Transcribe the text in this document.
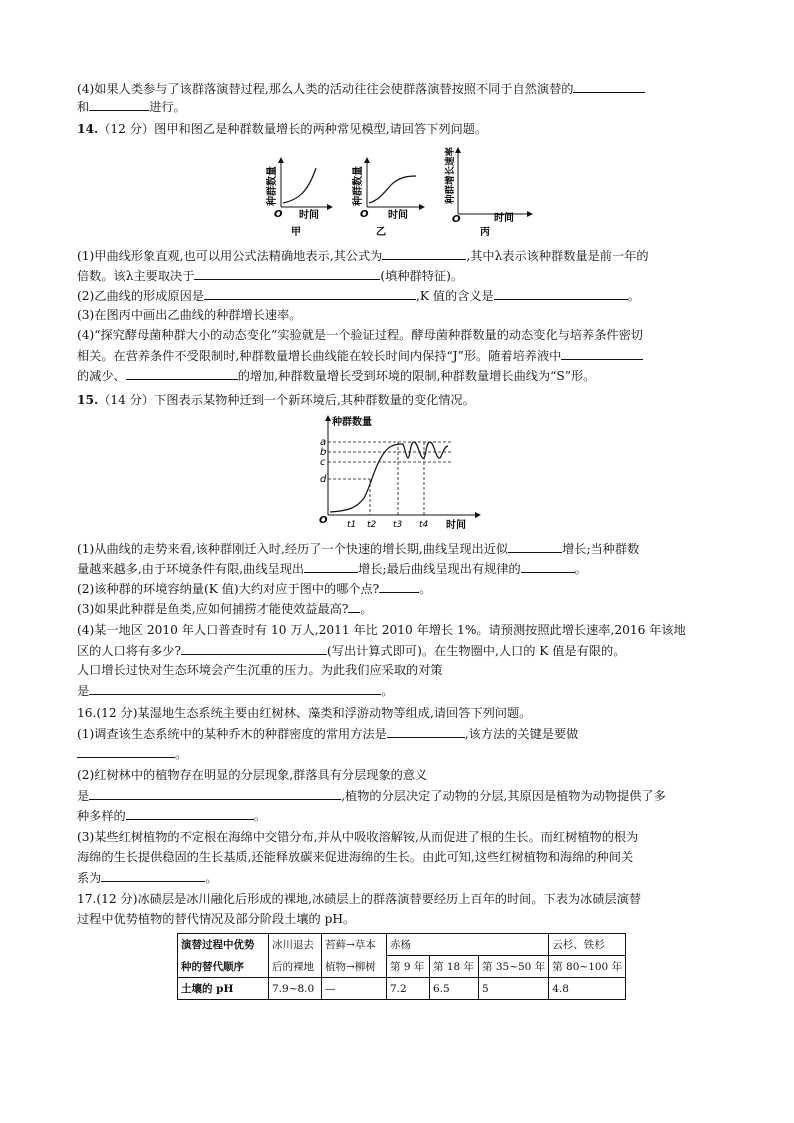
(4)如果人类参与了该群落演替过程,那么人类的活动往往会使群落演替按照不同于自然演替的
和	进行。
14.（12 分）图甲和图乙是种群数量增长的两种常见模型,请回答下列问题。
种群数量
O 时间
甲
种群数量
O 时间
乙
种群增长速率
O	时间
丙
(1)甲曲线形象直观,也可以用公式法精确地表示,其公式为	,其中λ表示该种群数量是前一年的
倍数。该λ主要取决于	(填种群特征)。
(2)乙曲线的形成原因是	,K 值的含义是	。
(3)在图丙中画出乙曲线的种群增长速率。
(4)“探究酵母菌种群大小的动态变化”实验就是一个验证过程。酵母菌种群数量的动态变化与培养条件密切
相关。在营养条件不受限制时,种群数量增长曲线能在较长时间内保持“J”形。随着培养液中
的减少、	的增加,种群数量增长受到环境的限制,种群数量增长曲线为“S”形。
15.（14 分）下图表示某物种迁到一个新环境后,其种群数量的变化情况。
种群数量
O	时间
a
b
c
d
t1 t2 t3 t4
(1)从曲线的走势来看,该种群刚迁入时,经历了一个快速的增长期,曲线呈现出近似	增长;当种群数
量越来越多,由于环境条件有限,曲线呈现出	增长;最后曲线呈现出有规律的	。
(2)该种群的环境容纳量(K 值)大约对应于图中的哪个点?	。
(3)如果此种群是鱼类,应如何捕捞才能使效益最高? 。
(4)某一地区 2010 年人口普查时有 10 万人,2011 年比 2010 年增长 1%。请预测按照此增长速率,2016 年该地
区的人口将有多少?	(写出计算式即可)。在生物圈中,人口的 K 值是有限的。
人口增长过快对生态环境会产生沉重的压力。为此我们应采取的对策
是	。
16.(12 分)某湿地生态系统主要由红树林、藻类和浮游动物等组成,请回答下列问题。
(1)调查该生态系统中的某种乔木的种群密度的常用方法是	,该方法的关键是要做
。
(2)红树林中的植物存在明显的分层现象,群落具有分层现象的意义
是	,植物的分层决定了动物的分层,其原因是植物为动物提供了多
种多样的	。
(3)某些红树植物的不定根在海绵中交错分布,并从中吸收溶解铵,从而促进了根的生长。而红树植物的根为
海绵的生长提供稳固的生长基质,还能释放碳来促进海绵的生长。由此可知,这些红树植物和海绵的种间关
系为	。
17.(12 分)冰碛层是冰川融化后形成的裸地,冰碛层上的群落演替要经历上百年的时间。下表为冰碛层演替
过程中优势植物的替代情况及部分阶段土壤的 pH。
演替过程中优势	冰川退去	苔藓→草本	赤杨			云杉、铁杉
种的替代顺序	后的裸地	植物→柳树	第 9 年	第 18 年	第 35~50 年	第 80~100 年
土壤的 pH	7.9~8.0	—	7.2	6.5	5	4.8
